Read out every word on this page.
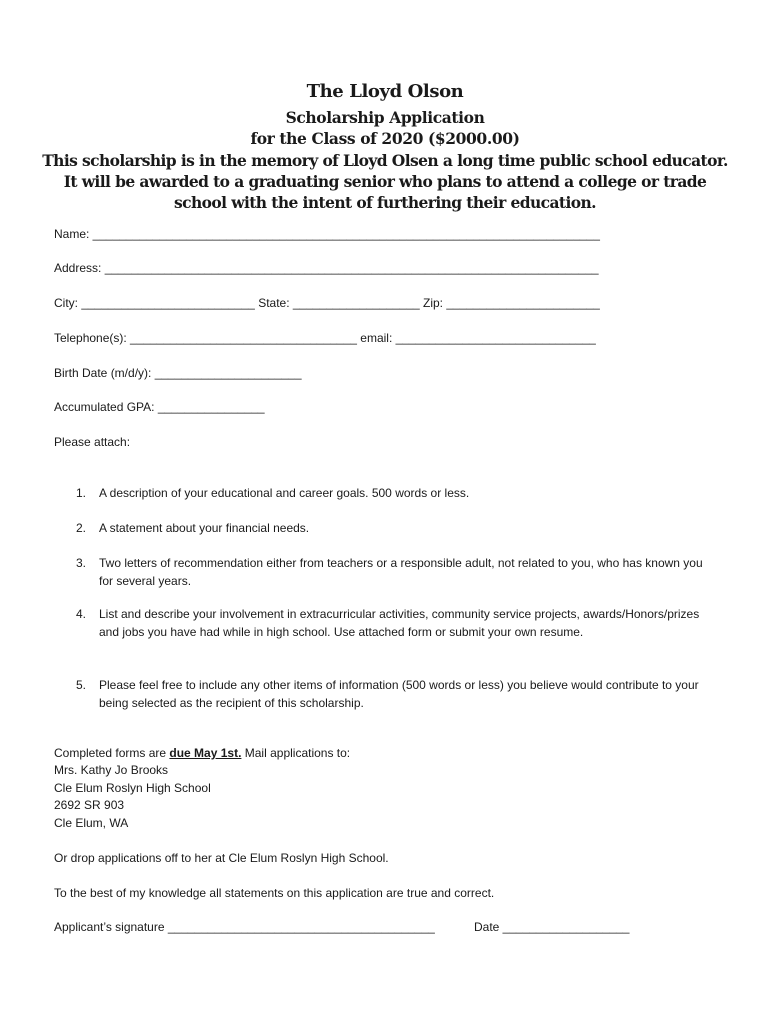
The Lloyd Olson
Scholarship Application
for the Class of 2020 ($2000.00)
This scholarship is in the memory of Lloyd Olsen a long time public school educator. It will be awarded to a graduating senior who plans to attend a college or trade school with the intent of furthering their education.
Name: ____________________________________________________________________________
Address: __________________________________________________________________________
City: __________________________ State: ___________________ Zip: _______________________
Telephone(s): __________________________________ email: ______________________________
Birth Date (m/d/y): ______________________
Accumulated GPA: ________________
Please attach:
1. A description of your educational and career goals. 500 words or less.
2. A statement about your financial needs.
3. Two letters of recommendation either from teachers or a responsible adult, not related to you, who has known you for several years.
4. List and describe your involvement in extracurricular activities, community service projects, awards/Honors/prizes and jobs you have had while in high school. Use attached form or submit your own resume.
5. Please feel free to include any other items of information (500 words or less) you believe would contribute to your being selected as the recipient of this scholarship.
Completed forms are due May 1st. Mail applications to:
Mrs. Kathy Jo Brooks
Cle Elum Roslyn High School
2692 SR 903
Cle Elum, WA
Or drop applications off to her at Cle Elum Roslyn High School.
To the best of my knowledge all statements on this application are true and correct.
Applicant’s signature ________________________________________	Date ___________________
